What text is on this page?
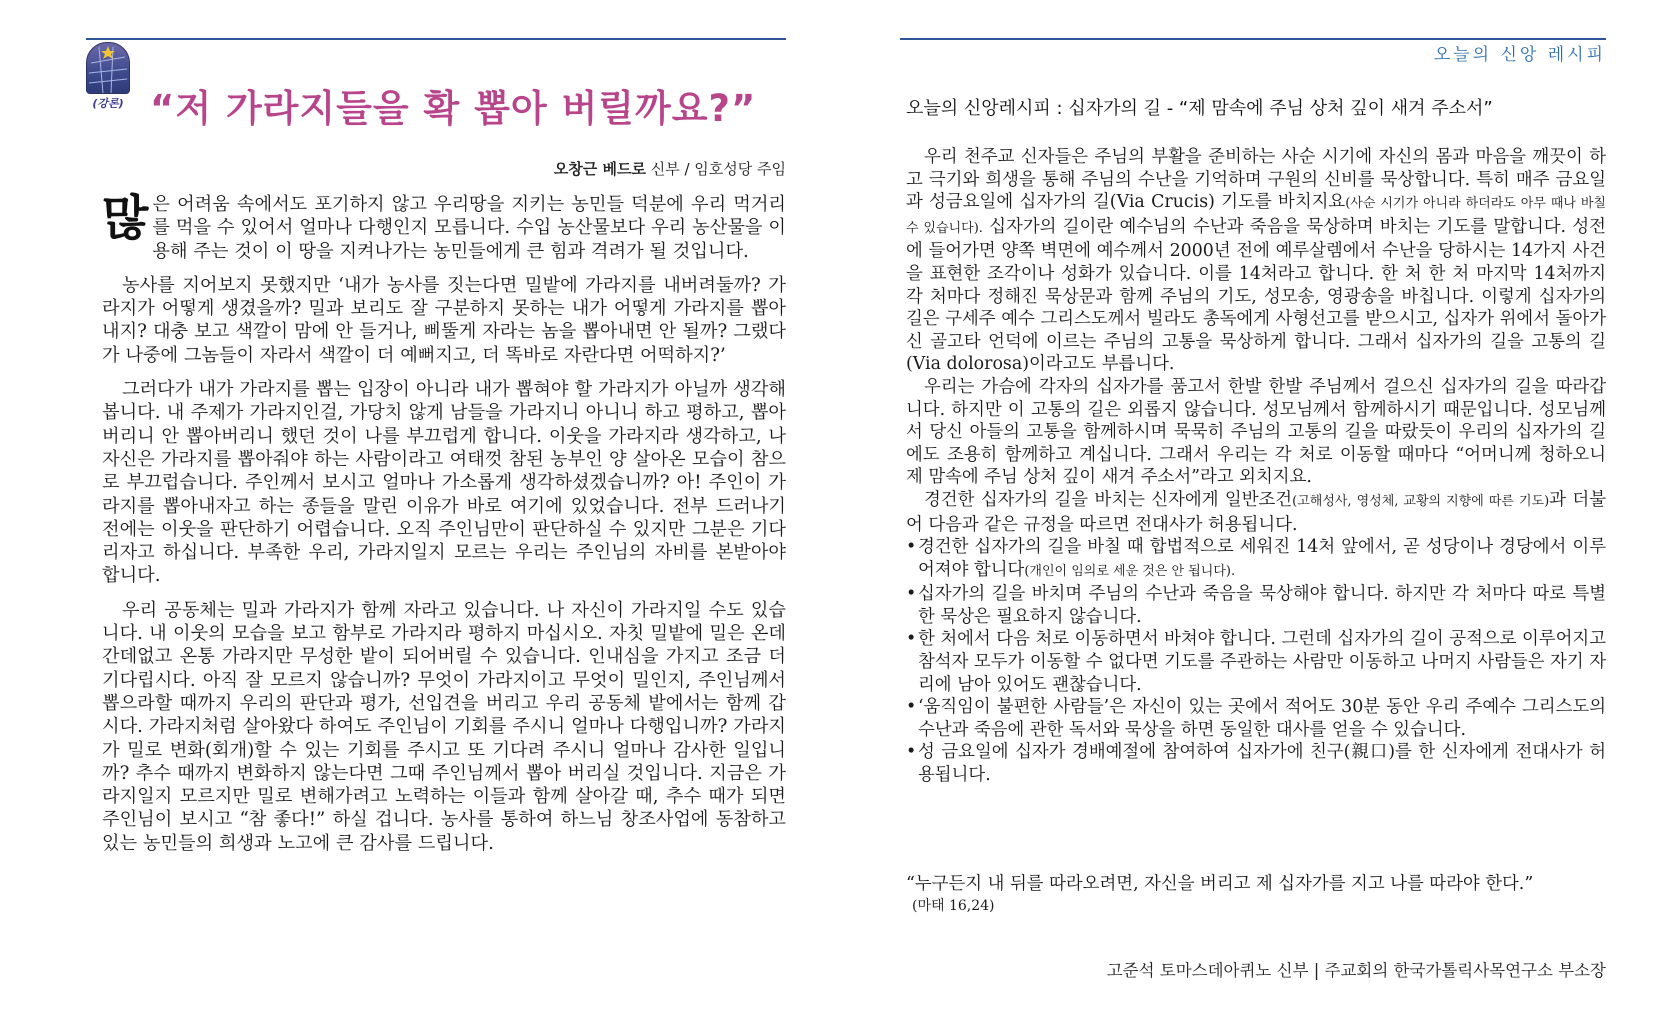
(강론) “저 가라지들을 확 뽑아 버릴까요?”
오창근 베드로 신부 / 임호성당 주임

많은 어려움 속에서도 포기하지 않고 우리땅을 지키는 농민들 덕분에 우리 먹거리를 먹을 수 있어서 얼마나 다행인지 모릅니다. 수입 농산물보다 우리 농산물을 이용해 주는 것이 이 땅을 지켜나가는 농민들에게 큰 힘과 격려가 될 것입니다.

농사를 지어보지 못했지만 ‘내가 농사를 짓는다면 밀밭에 가라지를 내버려둘까? 가라지가 어떻게 생겼을까? 밀과 보리도 잘 구분하지 못하는 내가 어떻게 가라지를 뽑아내지? 대충 보고 색깔이 맘에 안 들거나, 삐뚤게 자라는 놈을 뽑아내면 안 될까? 그랬다가 나중에 그놈들이 자라서 색깔이 더 예뻐지고, 더 똑바로 자란다면 어떡하지?’

그러다가 내가 가라지를 뽑는 입장이 아니라 내가 뽑혀야 할 가라지가 아닐까 생각해 봅니다. 내 주제가 가라지인걸, 가당치 않게 남들을 가라지니 아니니 하고 평하고, 뽑아버리니 안 뽑아버리니 했던 것이 나를 부끄럽게 합니다. 이웃을 가라지라 생각하고, 나 자신은 가라지를 뽑아줘야 하는 사람이라고 여태껏 참된 농부인 양 살아온 모습이 참으로 부끄럽습니다. 주인께서 보시고 얼마나 가소롭게 생각하셨겠습니까? 아! 주인이 가라지를 뽑아내자고 하는 종들을 말린 이유가 바로 여기에 있었습니다. 전부 드러나기 전에는 이웃을 판단하기 어렵습니다. 오직 주인님만이 판단하실 수 있지만 그분은 기다리자고 하십니다. 부족한 우리, 가라지일지 모르는 우리는 주인님의 자비를 본받아야 합니다.

우리 공동체는 밀과 가라지가 함께 자라고 있습니다. 나 자신이 가라지일 수도 있습니다. 내 이웃의 모습을 보고 함부로 가라지라 평하지 마십시오. 자칫 밀밭에 밀은 온데간데없고 온통 가라지만 무성한 밭이 되어버릴 수 있습니다. 인내심을 가지고 조금 더 기다립시다. 아직 잘 모르지 않습니까? 무엇이 가라지이고 무엇이 밀인지, 주인님께서 뽑으라할 때까지 우리의 판단과 평가, 선입견을 버리고 우리 공동체 밭에서는 함께 갑시다. 가라지처럼 살아왔다 하여도 주인님이 기회를 주시니 얼마나 다행입니까? 가라지가 밀로 변화(회개)할 수 있는 기회를 주시고 또 기다려 주시니 얼마나 감사한 일입니까? 추수 때까지 변화하지 않는다면 그때 주인님께서 뽑아 버리실 것입니다. 지금은 가라지일지 모르지만 밀로 변해가려고 노력하는 이들과 함께 살아갈 때, 추수 때가 되면 주인님이 보시고 “참 좋다!” 하실 겁니다. 농사를 통하여 하느님 창조사업에 동참하고 있는 농민들의 희생과 노고에 큰 감사를 드립니다.

오늘의 신앙 레시피
오늘의 신앙레시피 : 십자가의 길 - “제 맘속에 주님 상처 깊이 새겨 주소서”

우리 천주교 신자들은 주님의 부활을 준비하는 사순 시기에 자신의 몸과 마음을 깨끗이 하고 극기와 희생을 통해 주님의 수난을 기억하며 구원의 신비를 묵상합니다. 특히 매주 금요일과 성금요일에 십자가의 길(Via Crucis) 기도를 바치지요(사순 시기가 아니라 하더라도 아무 때나 바칠 수 있습니다). 십자가의 길이란 예수님의 수난과 죽음을 묵상하며 바치는 기도를 말합니다. 성전에 들어가면 양쪽 벽면에 예수께서 2000년 전에 예루살렘에서 수난을 당하시는 14가지 사건을 표현한 조각이나 성화가 있습니다. 이를 14처라고 합니다. 한 처 한 처 마지막 14처까지 각 처마다 정해진 묵상문과 함께 주님의 기도, 성모송, 영광송을 바칩니다. 이렇게 십자가의 길은 구세주 예수 그리스도께서 빌라도 총독에게 사형선고를 받으시고, 십자가 위에서 돌아가신 골고타 언덕에 이르는 주님의 고통을 묵상하게 합니다. 그래서 십자가의 길을 고통의 길(Via dolorosa)이라고도 부릅니다.

우리는 가슴에 각자의 십자가를 품고서 한발 한발 주님께서 걸으신 십자가의 길을 따라갑니다. 하지만 이 고통의 길은 외롭지 않습니다. 성모님께서 함께하시기 때문입니다. 성모님께서 당신 아들의 고통을 함께하시며 묵묵히 주님의 고통의 길을 따랐듯이 우리의 십자가의 길에도 조용히 함께하고 계십니다. 그래서 우리는 각 처로 이동할 때마다 “어머니께 청하오니 제 맘속에 주님 상처 깊이 새겨 주소서”라고 외치지요.

경건한 십자가의 길을 바치는 신자에게 일반조건(고해성사, 영성체, 교황의 지향에 따른 기도)과 더불어 다음과 같은 규정을 따르면 전대사가 허용됩니다.

• 경건한 십자가의 길을 바칠 때 합법적으로 세워진 14처 앞에서, 곧 성당이나 경당에서 이루어져야 합니다(개인이 임의로 세운 것은 안 됩니다).
• 십자가의 길을 바치며 주님의 수난과 죽음을 묵상해야 합니다. 하지만 각 처마다 따로 특별한 묵상은 필요하지 않습니다.
• 한 처에서 다음 처로 이동하면서 바쳐야 합니다. 그런데 십자가의 길이 공적으로 이루어지고 참석자 모두가 이동할 수 없다면 기도를 주관하는 사람만 이동하고 나머지 사람들은 자기 자리에 남아 있어도 괜찮습니다.
• ‘움직임이 불편한 사람들’은 자신이 있는 곳에서 적어도 30분 동안 우리 주예수 그리스도의 수난과 죽음에 관한 독서와 묵상을 하면 동일한 대사를 얻을 수 있습니다.
• 성 금요일에 십자가 경배예절에 참여하여 십자가에 친구(親口)를 한 신자에게 전대사가 허용됩니다.
“누구든지 내 뒤를 따라오려면, 자신을 버리고 제 십자가를 지고 나를 따라야 한다.”
(마태 16,24)
고준석 토마스데아퀴노 신부 | 주교회의 한국가톨릭사목연구소 부소장
